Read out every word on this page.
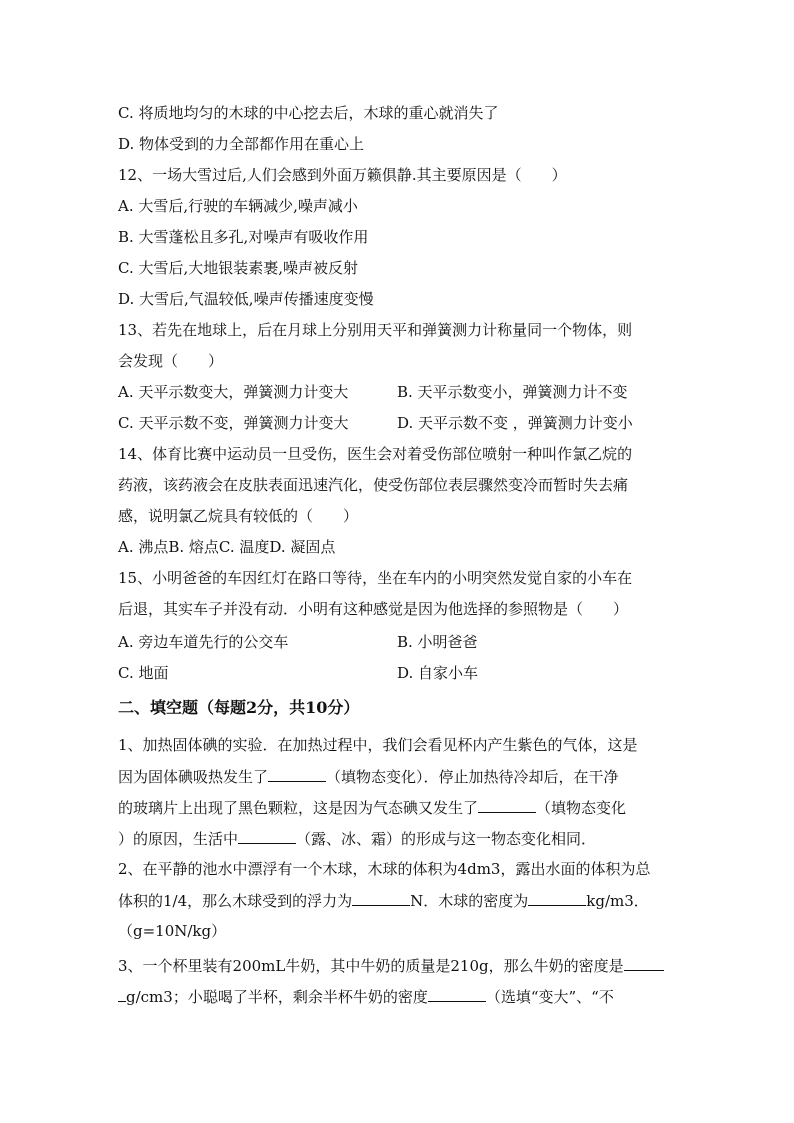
C. 将质地均匀的木球的中心挖去后，木球的重心就消失了
D. 物体受到的力全部都作用在重心上
12、一场大雪过后,人们会感到外面万籁俱静.其主要原因是（　　）
A. 大雪后,行驶的车辆减少,噪声减小
B. 大雪蓬松且多孔,对噪声有吸收作用
C. 大雪后,大地银装素裹,噪声被反射
D. 大雪后,气温较低,噪声传播速度变慢
13、若先在地球上，后在月球上分别用天平和弹簧测力计称量同一个物体，则
会发现（　　）
A. 天平示数变大，弹簧测力计变大	B. 天平示数变小，弹簧测力计不变
C. 天平示数不变，弹簧测力计变大	D. 天平示数不变 ，弹簧测力计变小
14、体育比赛中运动员一旦受伤，医生会对着受伤部位喷射一种叫作氯乙烷的
药液，该药液会在皮肤表面迅速汽化，使受伤部位表层骤然变冷而暂时失去痛
感，说明氯乙烷具有较低的（　　）
A. 沸点B. 熔点C. 温度D. 凝固点
15、小明爸爸的车因红灯在路口等待，坐在车内的小明突然发觉自家的小车在
后退，其实车子并没有动．小明有这种感觉是因为他选择的参照物是（　　）
A. 旁边车道先行的公交车	B. 小明爸爸
C. 地面	D. 自家小车
二、填空题（每题2分，共10分）
1、加热固体碘的实验．在加热过程中，我们会看见杯内产生紫色的气体，这是
因为固体碘吸热发生了	（填物态变化）．停止加热待冷却后，在干净
的玻璃片上出现了黑色颗粒，这是因为气态碘又发生了	（填物态变化
）的原因，生活中	（露、冰、霜）的形成与这一物态变化相同．
2、在平静的池水中漂浮有一个木球，木球的体积为4dm3，露出水面的体积为总
体积的1/4，那么木球受到的浮力为	N．木球的密度为	kg/m3．
（g=10N/kg）
3、一个杯里装有200mL牛奶，其中牛奶的质量是210g，那么牛奶的密度是
g/cm3；小聪喝了半杯，剩余半杯牛奶的密度	（选填“变大”、“不
